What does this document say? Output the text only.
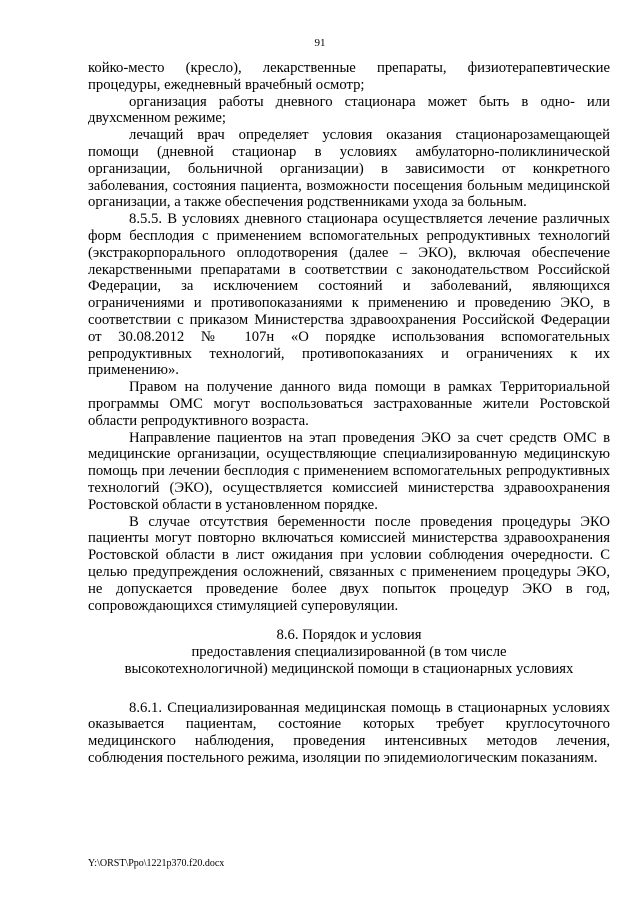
91

койко-место (кресло), лекарственные препараты, физиотерапевтические процедуры, ежедневный врачебный осмотр;

организация работы дневного стационара может быть в одно- или двухсменном режиме;

лечащий врач определяет условия оказания стационарозамещающей помощи (дневной стационар в условиях амбулаторно-поликлинической организации, больничной организации) в зависимости от конкретного заболевания, состояния пациента, возможности посещения больным медицинской организации, а также обеспечения родственниками ухода за больным.

8.5.5. В условиях дневного стационара осуществляется лечение различных форм бесплодия с применением вспомогательных репродуктивных технологий (экстракорпорального оплодотворения (далее – ЭКО), включая обеспечение лекарственными препаратами в соответствии с законодательством Российской Федерации, за исключением состояний и заболеваний, являющихся ограничениями и противопоказаниями к применению и проведению ЭКО, в соответствии с приказом Министерства здравоохранения Российской Федерации от 30.08.2012 № 107н «О порядке использования вспомогательных репродуктивных технологий, противопоказаниях и ограничениях к их применению».

Правом на получение данного вида помощи в рамках Территориальной программы ОМС могут воспользоваться застрахованные жители Ростовской области репродуктивного возраста.

Направление пациентов на этап проведения ЭКО за счет средств ОМС в медицинские организации, осуществляющие специализированную медицинскую помощь при лечении бесплодия с применением вспомогательных репродуктивных технологий (ЭКО), осуществляется комиссией министерства здравоохранения Ростовской области в установленном порядке.

В случае отсутствия беременности после проведения процедуры ЭКО пациенты могут повторно включаться комиссией министерства здравоохранения Ростовской области в лист ожидания при условии соблюдения очередности. С целью предупреждения осложнений, связанных с применением процедуры ЭКО, не допускается проведение более двух попыток процедур ЭКО в год, сопровождающихся стимуляцией суперовуляции.

8.6. Порядок и условия
предоставления специализированной (в том числе
высокотехнологичной) медицинской помощи в стационарных условиях

8.6.1. Специализированная медицинская помощь в стационарных условиях оказывается пациентам, состояние которых требует круглосуточного медицинского наблюдения, проведения интенсивных методов лечения, соблюдения постельного режима, изоляции по эпидемиологическим показаниям.

Y:\ORST\Ppo\1221p370.f20.docx
